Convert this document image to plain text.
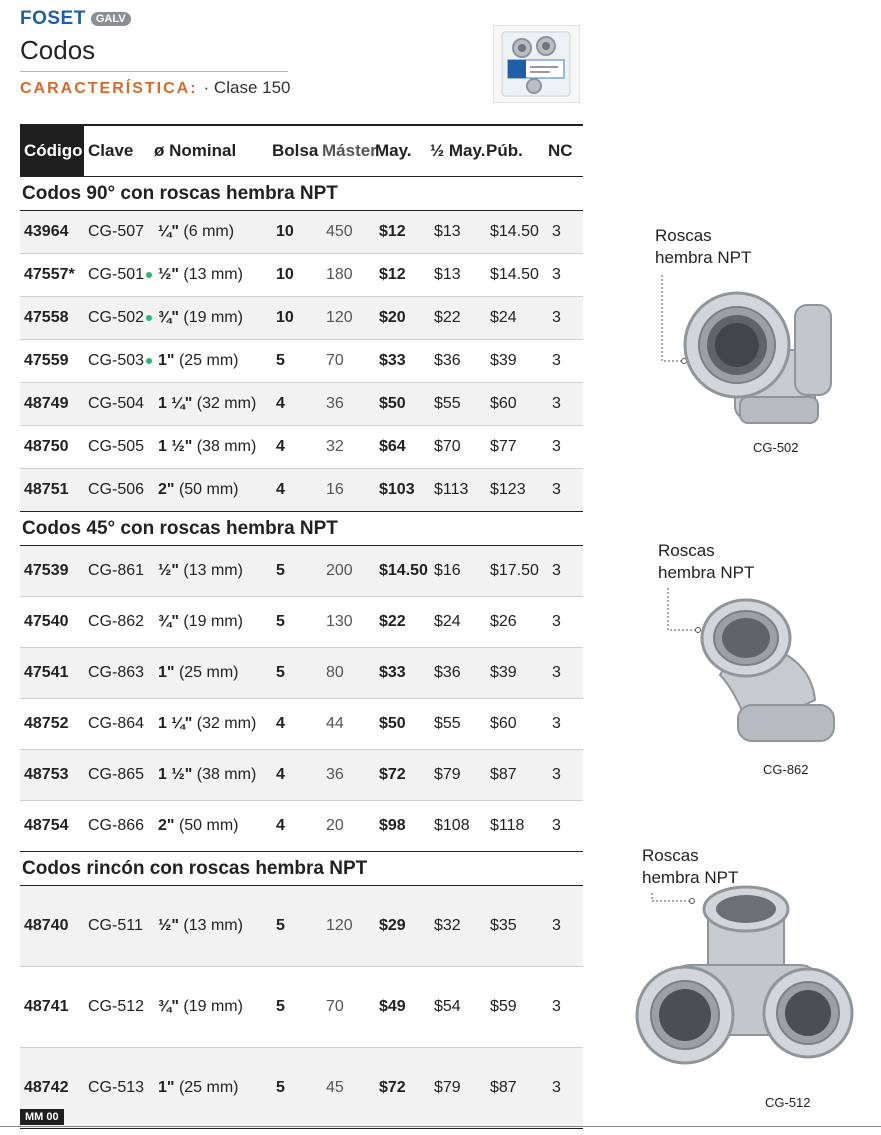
FOSET GALV
Codos
CARACTERÍSTICA: · Clase 150
Código Clave	ø Nominal	Bolsa Máster
May.	½ May. Púb.	NC
Codos 90° con roscas hembra NPT
43964	CG-507 ¼" (6 mm)	10	450	$12	$13	$14.50 3
47557* CG-501 ½" (13 mm)	10	180	$12	$13	$14.50 3
47558	CG-502 ¾" (19 mm)	10	120	$20	$22	$24	3
47559	CG-503 1" (25 mm)	5	70	$33	$36	$39	3
48749	CG-504 1 ¼" (32 mm)	4	36	$50	$55	$60	3
48750	CG-505 1 ½" (38 mm)	4	32	$64	$70	$77	3
48751	CG-506 2" (50 mm)	4	16	$103	$113	$123	3
Codos 45° con roscas hembra NPT
47539	CG-861 ½" (13 mm)	5	200	$14.50 $16	$17.50 3
47540	CG-862 ¾" (19 mm)	5	130	$22	$24	$26	3
47541	CG-863 1" (25 mm)	5	80	$33	$36	$39	3
48752	CG-864 1 ¼" (32 mm)	4	44	$50	$55	$60	3
48753	CG-865 1 ½" (38 mm)	4	36	$72	$79	$87	3
48754	CG-866 2" (50 mm)	4	20	$98	$108	$118	3
Codos rincón con roscas hembra NPT
48740	CG-511 ½" (13 mm)	5	120	$29	$32	$35	3
48741	CG-512 ¾" (19 mm)	5	70	$49	$54	$59	3
48742	CG-513 1" (25 mm)	5	45	$72	$79	$87	3
Roscas
hembra NPT
CG-502
Roscas
hembra NPT
CG-862
Roscas
hembra NPT
CG-512
MM 00
